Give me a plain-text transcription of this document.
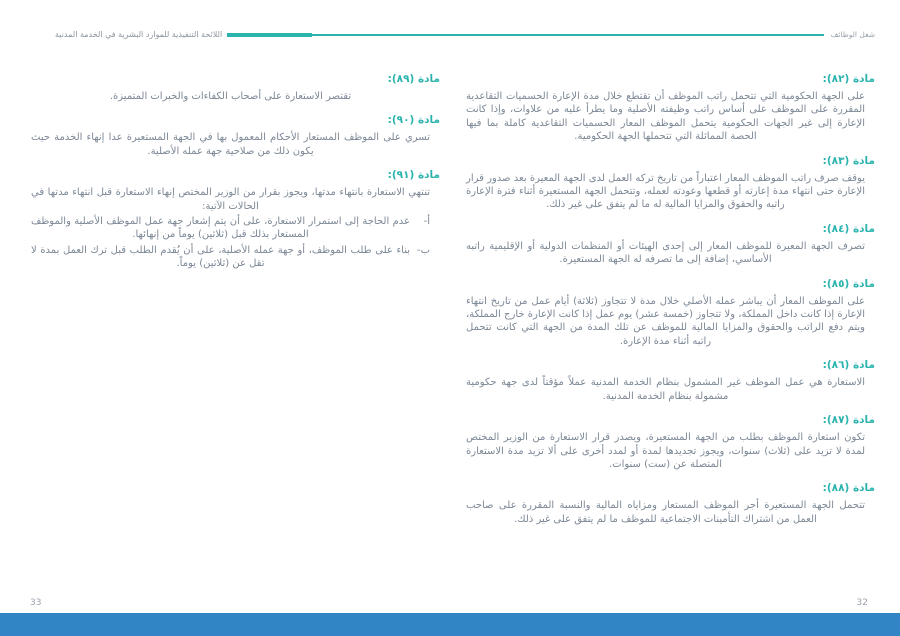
اللائحة التنفيذية للموارد البشرية في الخدمة المدنية	شغل الوظائف
مادة (٨٢):

على الجهة الحكومية التي تتحمل راتب الموظف أن تقتطع خلال مدة الإعارة الحسميات التقاعدية المقررة على الموظف على أساس راتب وظيفته الأصلية وما يطرأ عليه من علاوات، وإذا كانت الإعارة إلى غير الجهات الحكومية يتحمل الموظف المعار الحسميات التقاعدية كاملة بما فيها الحصة المماثلة التي تتحملها الجهة الحكومية.

مادة (٨٣):

يوقف صرف راتب الموظف المعار اعتباراً من تاريخ تركه العمل لدى الجهة المعيرة بعد صدور قرار الإعارة حتى انتهاء مدة إعارته أو قطعها وعودته لعمله، وتتحمل الجهة المستعيرة أثناء فترة الإعارة راتبه والحقوق والمزايا المالية له ما لم يتفق على غير ذلك.

مادة (٨٤):

تصرف الجهة المعيرة للموظف المعار إلى إحدى الهيئات أو المنظمات الدولية أو الإقليمية راتبه الأساسي، إضافة إلى ما تصرفه له الجهة المستعيرة.

مادة (٨٥):

على الموظف المعار أن يباشر عمله الأصلي خلال مدة لا تتجاوز (ثلاثة) أيام عمل من تاريخ انتهاء الإعارة إذا كانت داخل المملكة، ولا تتجاوز (خمسة عشر) يوم عمل إذا كانت الإعارة خارج المملكة، ويتم دفع الراتب والحقوق والمزايا المالية للموظف عن تلك المدة من الجهة التي كانت تتحمل راتبه أثناء مدة الإعارة.

مادة (٨٦):

الاستعارة هي عمل الموظف غير المشمول بنظام الخدمة المدنية عملاً مؤقتاً لدى جهة حكومية مشمولة بنظام الخدمة المدنية.

مادة (٨٧):

تكون استعارة الموظف بطلب من الجهة المستعيرة، ويصدر قرار الاستعارة من الوزير المختص لمدة لا تزيد على (ثلاث) سنوات، ويجوز تجديدها لمدة أو لمدد أخرى على ألا تزيد مدة الاستعارة المتصلة عن (ست) سنوات.

مادة (٨٨):

تتحمل الجهة المستعيرة أجر الموظف المستعار ومزاياه المالية والنسبة المقررة على صاحب العمل من اشتراك التأمينات الاجتماعية للموظف ما لم يتفق على غير ذلك.

مادة (٨٩):

تقتصر الاستعارة على أصحاب الكفاءات والخبرات المتميزة.

مادة (٩٠):

تسري على الموظف المستعار الأحكام المعمول بها في الجهة المستعيرة عدا إنهاء الخدمة حيث يكون ذلك من صلاحية جهة عمله الأصلية.

مادة (٩١):

تنتهي الاستعارة بانتهاء مدتها، ويجوز بقرار من الوزير المختص إنهاء الاستعارة قبل انتهاء مدتها في الحالات الآتية:

أ-
عدم الحاجة إلى استمرار الاستعارة، على أن يتم إشعار جهة عمل الموظف الأصلية والموظف المستعار بذلك قبل (ثلاثين) يوماً من إنهائها.
ب-
بناء على طلب الموظف، أو جهة عمله الأصلية، على أن يُقدم الطلب قبل ترك العمل بمدة لا تقل عن (ثلاثين) يوماً.
33	32
